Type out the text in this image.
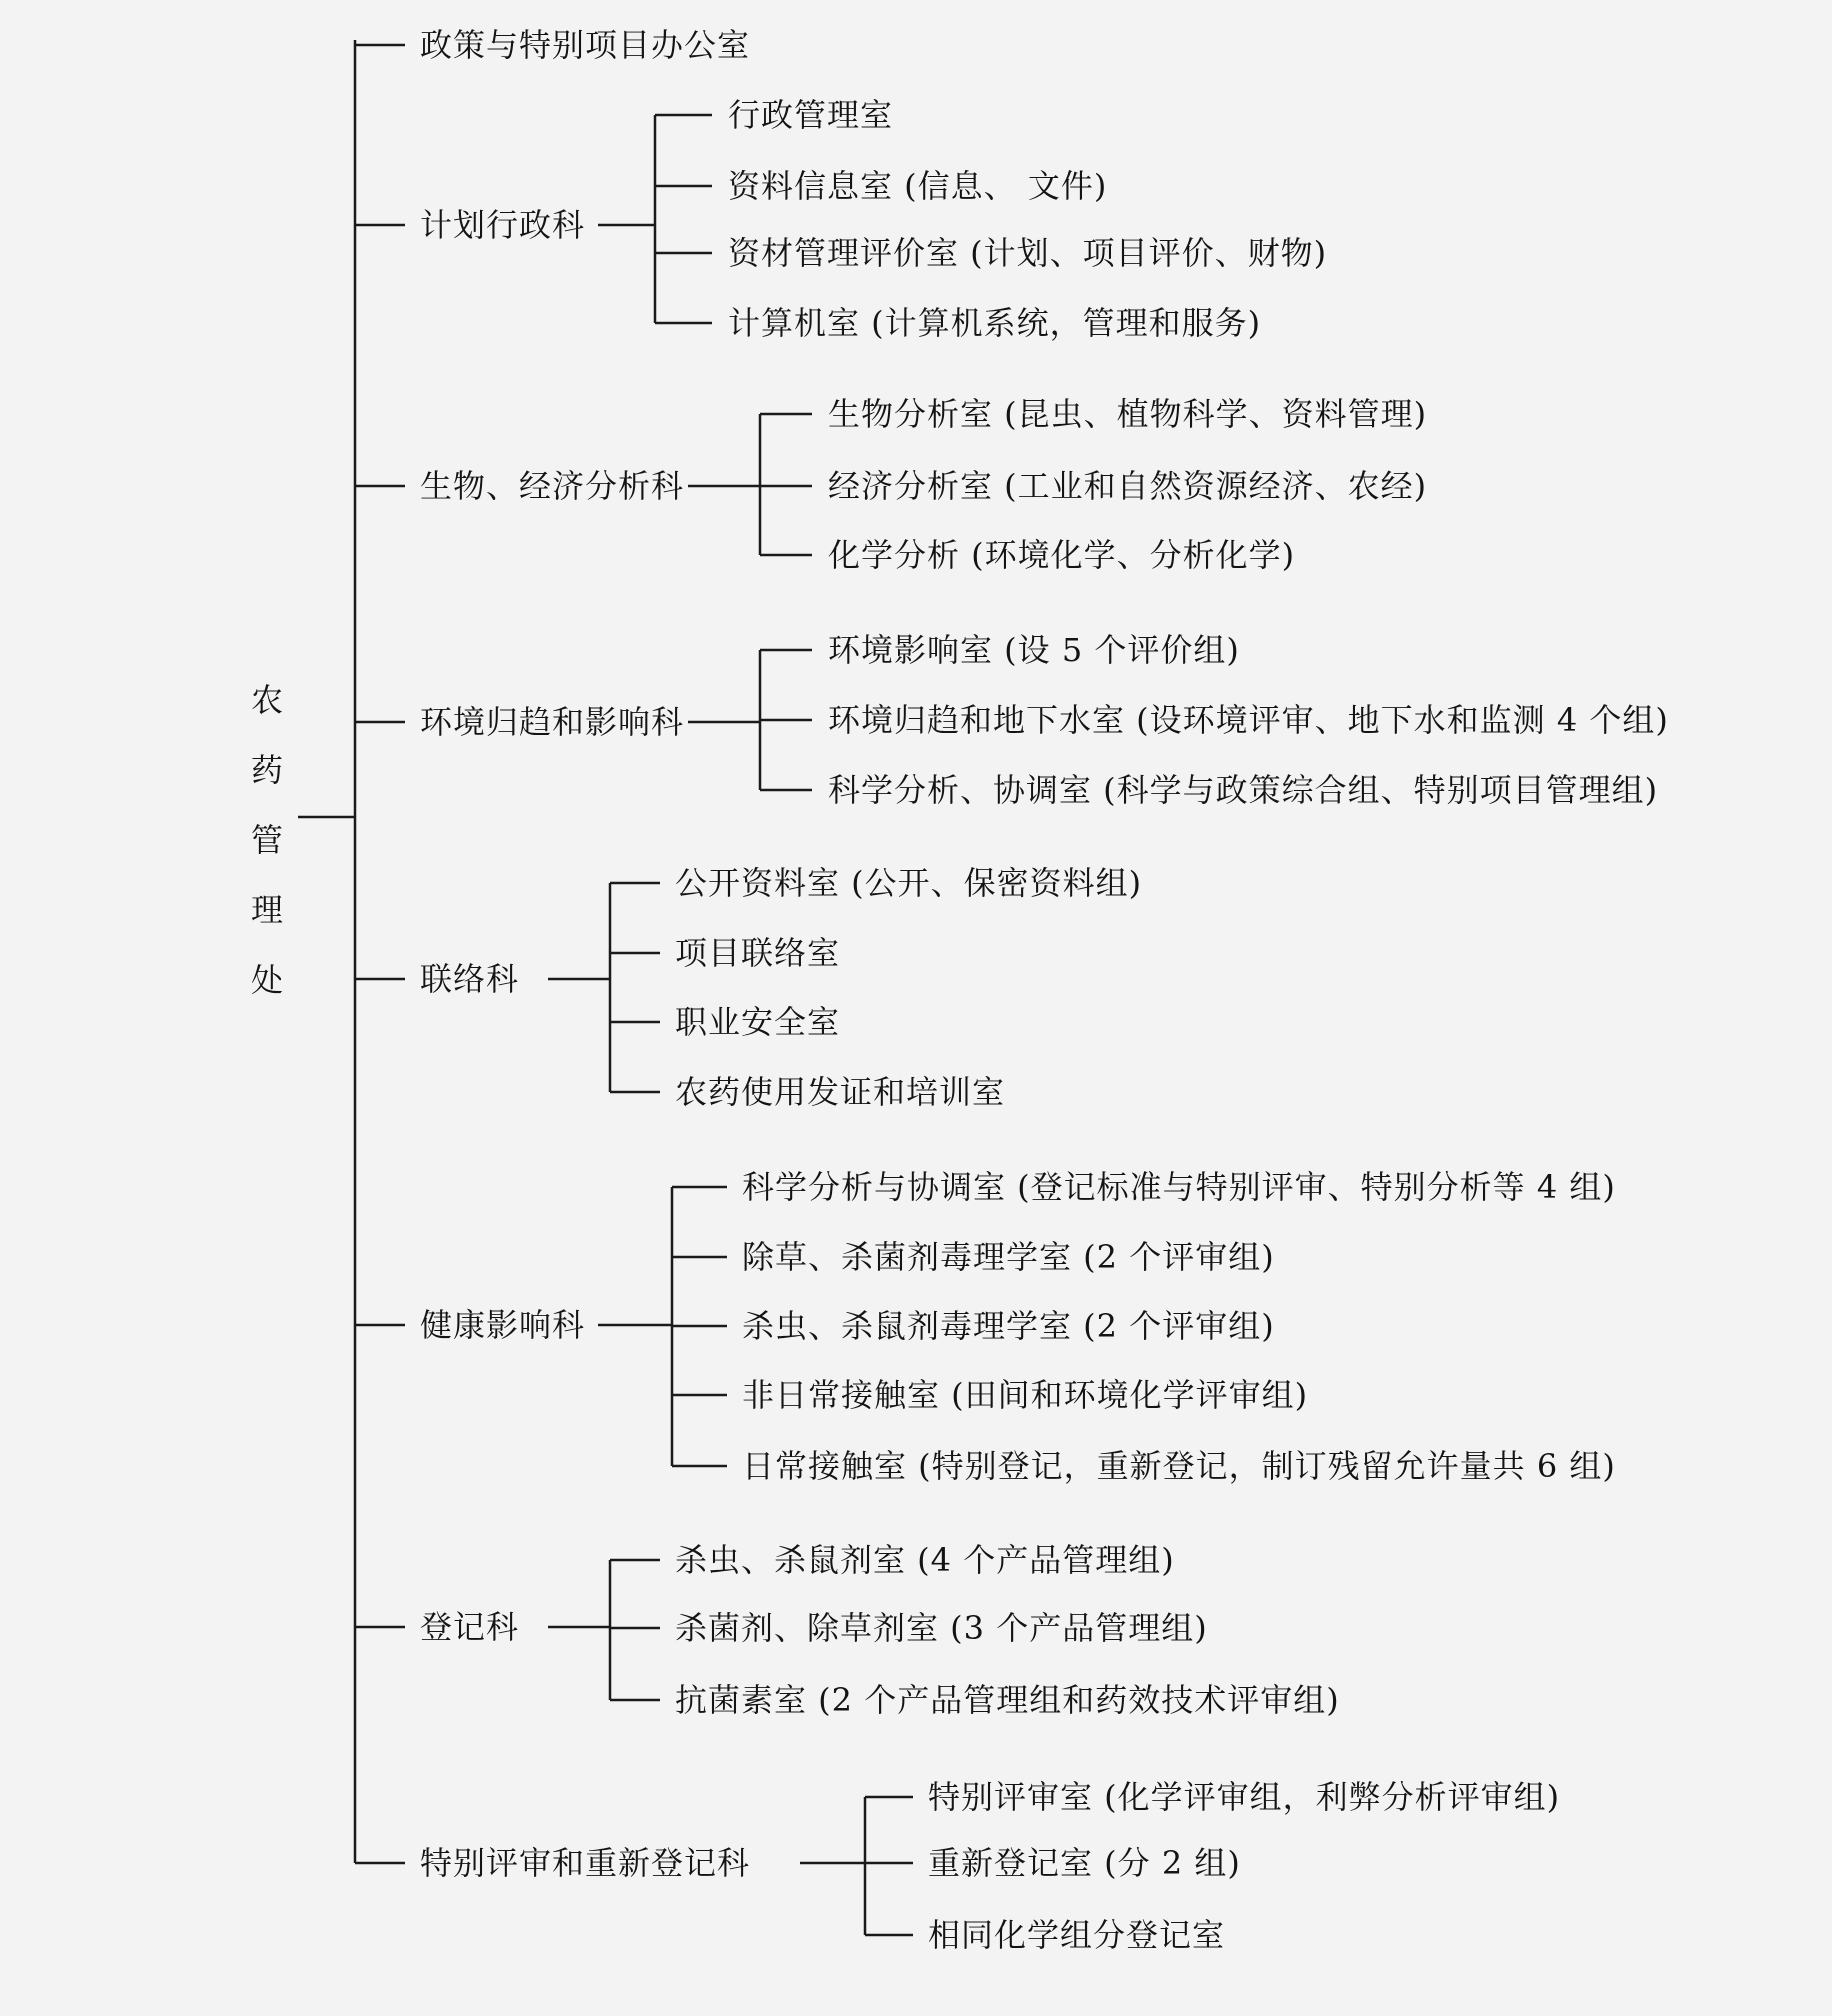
农
药
管
理
处
政策与特别项目办公室
计划行政科
行政管理室
资料信息室 (信息、 文件)
资材管理评价室 (计划、项目评价、财物)
计算机室 (计算机系统，管理和服务)
生物、经济分析科
生物分析室 (昆虫、植物科学、资料管理)
经济分析室 (工业和自然资源经济、农经)
化学分析 (环境化学、分析化学)
环境归趋和影响科
环境影响室 (设 5 个评价组)
环境归趋和地下水室 (设环境评审、地下水和监测 4 个组)
科学分析、协调室 (科学与政策综合组、特别项目管理组)
联络科
公开资料室 (公开、保密资料组)
项目联络室
职业安全室
农药使用发证和培训室
健康影响科
科学分析与协调室 (登记标准与特别评审、特别分析等 4 组)
除草、杀菌剂毒理学室 (2 个评审组)
杀虫、杀鼠剂毒理学室 (2 个评审组)
非日常接触室 (田间和环境化学评审组)
日常接触室 (特别登记，重新登记，制订残留允许量共 6 组)
登记科
杀虫、杀鼠剂室 (4 个产品管理组)
杀菌剂、除草剂室 (3 个产品管理组)
抗菌素室 (2 个产品管理组和药效技术评审组)
特别评审和重新登记科
特别评审室 (化学评审组，利弊分析评审组)
重新登记室 (分 2 组)
相同化学组分登记室
